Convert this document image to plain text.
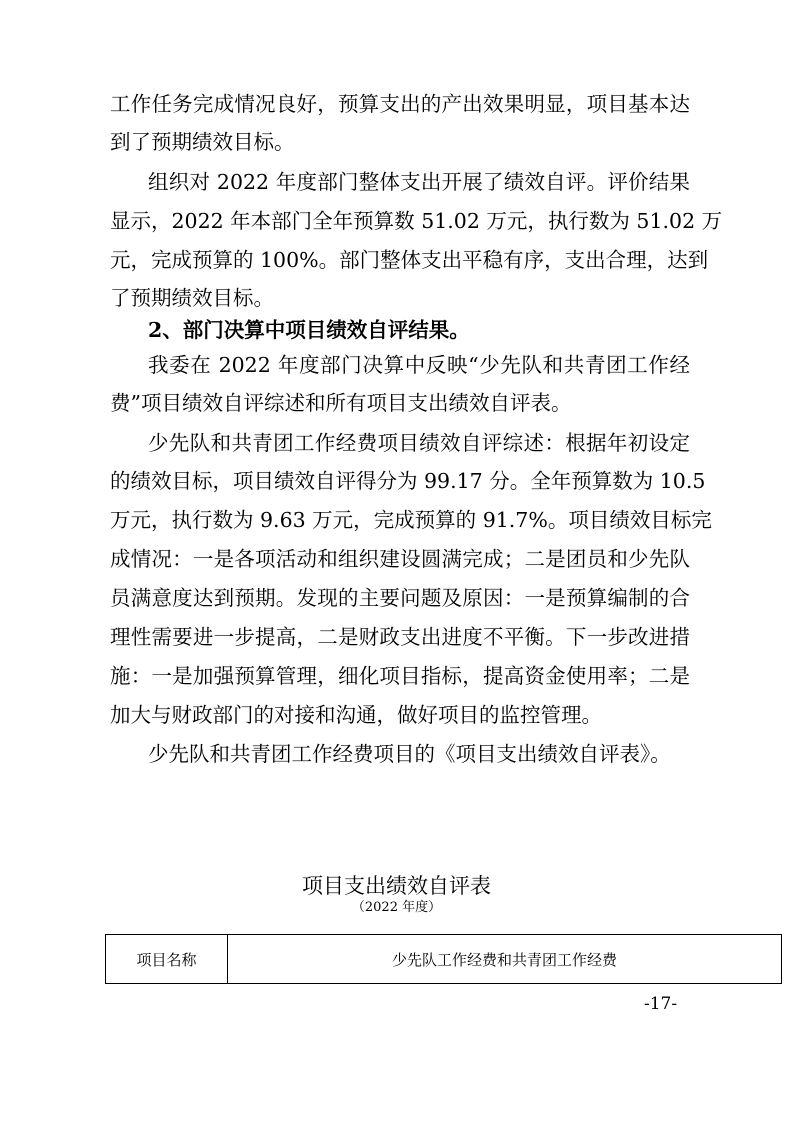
工作任务完成情况良好，预算支出的产出效果明显，项目基本达
到了预期绩效目标。
组织对 2022 年度部门整体支出开展了绩效自评。评价结果
显示，2022 年本部门全年预算数 51.02 万元，执行数为 51.02 万
元，完成预算的 100%。部门整体支出平稳有序，支出合理，达到
了预期绩效目标。
2、部门决算中项目绩效自评结果。
我委在 2022 年度部门决算中反映“少先队和共青团工作经
费”项目绩效自评综述和所有项目支出绩效自评表。
少先队和共青团工作经费项目绩效自评综述：根据年初设定
的绩效目标，项目绩效自评得分为 99.17 分。全年预算数为 10.5
万元，执行数为 9.63 万元，完成预算的 91.7%。项目绩效目标完
成情况：一是各项活动和组织建设圆满完成；二是团员和少先队
员满意度达到预期。发现的主要问题及原因：一是预算编制的合
理性需要进一步提高，二是财政支出进度不平衡。下一步改进措
施：一是加强预算管理，细化项目指标，提高资金使用率；二是
加大与财政部门的对接和沟通，做好项目的监控管理。
少先队和共青团工作经费项目的《项目支出绩效自评表》。
项目支出绩效自评表
（2022 年度）
项目名称	少先队工作经费和共青团工作经费
-17-
